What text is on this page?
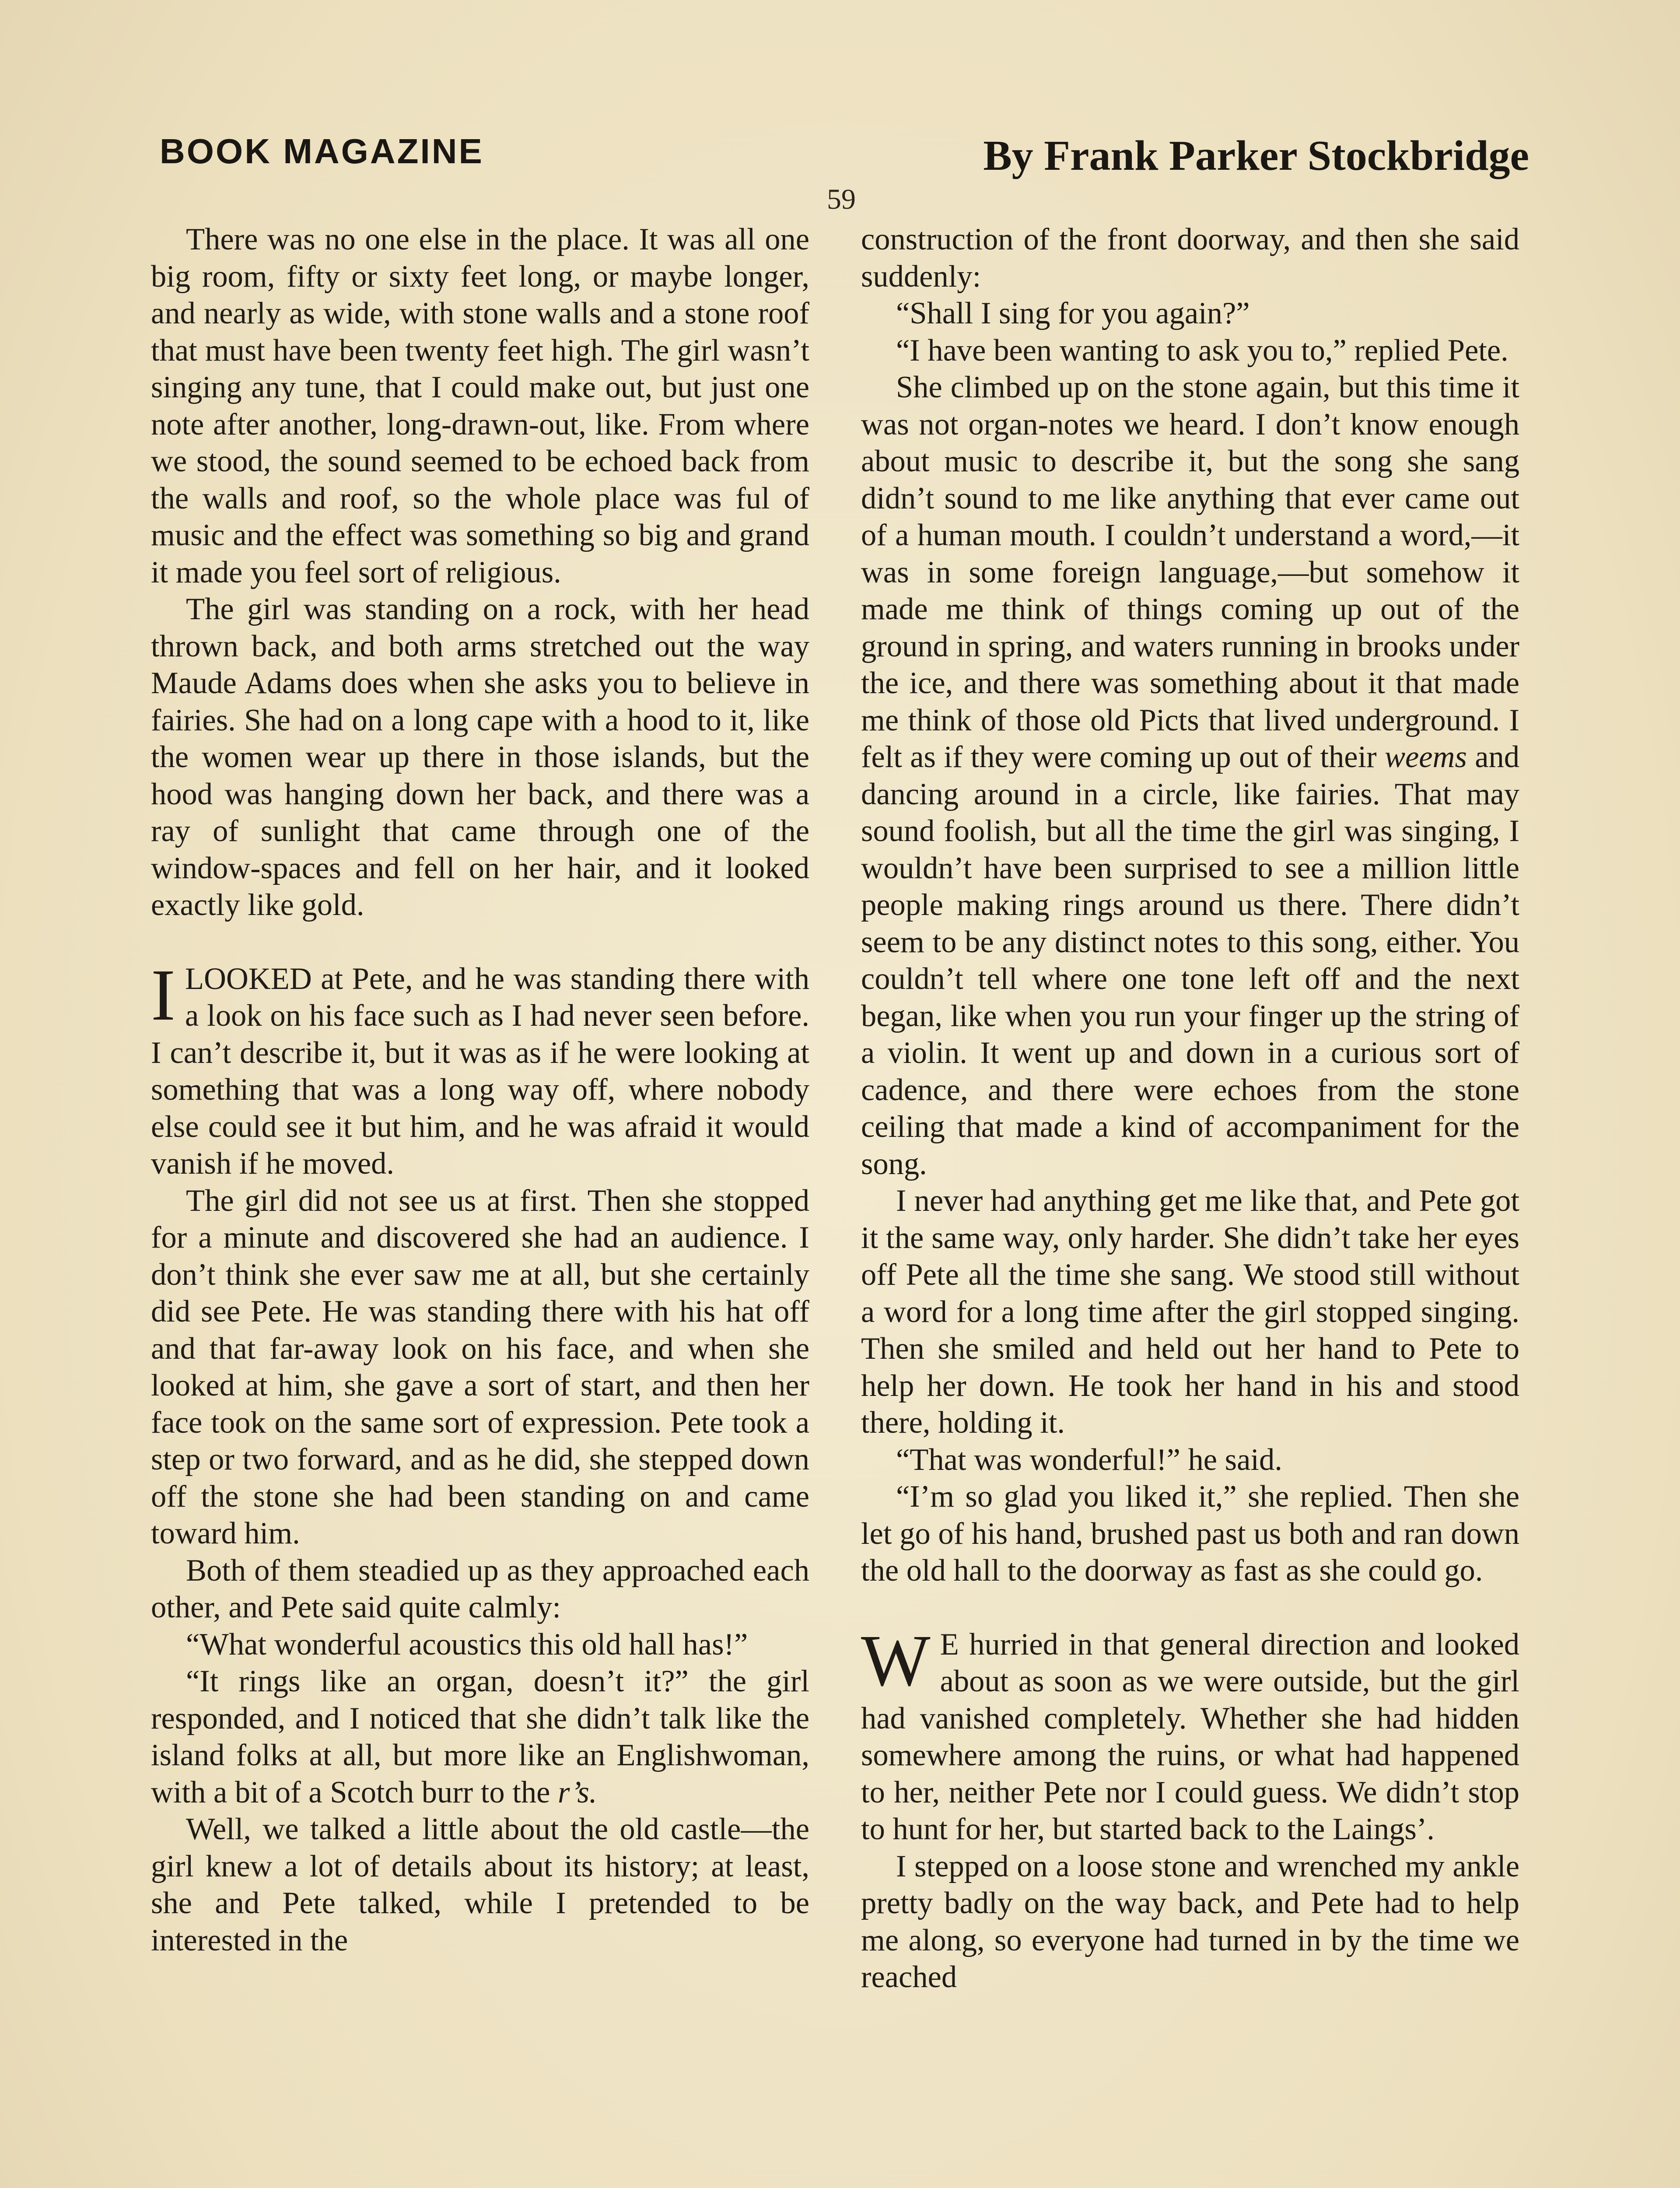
BOOK MAGAZINE	By Frank Parker Stockbridge
59

There was no one else in the place. It was all one big room, fifty or sixty feet long, or maybe longer, and nearly as wide, with stone walls and a stone roof that must have been twenty feet high. The girl wasn’t singing any tune, that I could make out, but just one note after another, long-drawn-out, like. From where we stood, the sound seemed to be echoed back from the walls and roof, so the whole place was ful of music and the effect was something so big and grand it made you feel sort of religious.

The girl was standing on a rock, with her head thrown back, and both arms stretched out the way Maude Adams does when she asks you to believe in fairies. She had on a long cape with a hood to it, like the women wear up there in those islands, but the hood was hanging down her back, and there was a ray of sunlight that came through one of the window-spaces and fell on her hair, and it looked exactly like gold.

ILOOKED at Pete, and he was standing there with a look on his face such as I had never seen before. I can’t describe it, but it was as if he were looking at something that was a long way off, where nobody else could see it but him, and he was afraid it would vanish if he moved.

The girl did not see us at first. Then she stopped for a minute and discovered she had an audience. I don’t think she ever saw me at all, but she certainly did see Pete. He was standing there with his hat off and that far-away look on his face, and when she looked at him, she gave a sort of start, and then her face took on the same sort of expression. Pete took a step or two forward, and as he did, she stepped down off the stone she had been standing on and came toward him.

Both of them steadied up as they approached each other, and Pete said quite calmly:

“What wonderful acoustics this old hall has!”

“It rings like an organ, doesn’t it?” the girl responded, and I noticed that she didn’t talk like the island folks at all, but more like an Englishwoman, with a bit of a Scotch burr to the r’s.

Well, we talked a little about the old castle—the girl knew a lot of details about its history; at least, she and Pete talked, while I pretended to be interested in the

construction of the front doorway, and then she said suddenly:

“Shall I sing for you again?”

“I have been wanting to ask you to,” replied Pete.

She climbed up on the stone again, but this time it was not organ-notes we heard. I don’t know enough about music to describe it, but the song she sang didn’t sound to me like anything that ever came out of a human mouth. I couldn’t understand a word,—it was in some foreign language,—but somehow it made me think of things coming up out of the ground in spring, and waters running in brooks under the ice, and there was something about it that made me think of those old Picts that lived underground. I felt as if they were coming up out of their weems and dancing around in a circle, like fairies. That may sound foolish, but all the time the girl was singing, I wouldn’t have been surprised to see a million little people making rings around us there. There didn’t seem to be any distinct notes to this song, either. You couldn’t tell where one tone left off and the next began, like when you run your finger up the string of a violin. It went up and down in a curious sort of cadence, and there were echoes from the stone ceiling that made a kind of accompaniment for the song.

I never had anything get me like that, and Pete got it the same way, only harder. She didn’t take her eyes off Pete all the time she sang. We stood still without a word for a long time after the girl stopped singing. Then she smiled and held out her hand to Pete to help her down. He took her hand in his and stood there, holding it.

“That was wonderful!” he said.

“I’m so glad you liked it,” she replied. Then she let go of his hand, brushed past us both and ran down the old hall to the doorway as fast as she could go.

W E hurried in that general direction and looked about as soon as we were outside, but the girl had vanished completely. Whether she had hidden somewhere among the ruins, or what had happened to her, neither Pete nor I could guess. We didn’t stop to hunt for her, but started back to the Laings’.

I stepped on a loose stone and wrenched my ankle pretty badly on the way back, and Pete had to help me along, so everyone had turned in by the time we reached
